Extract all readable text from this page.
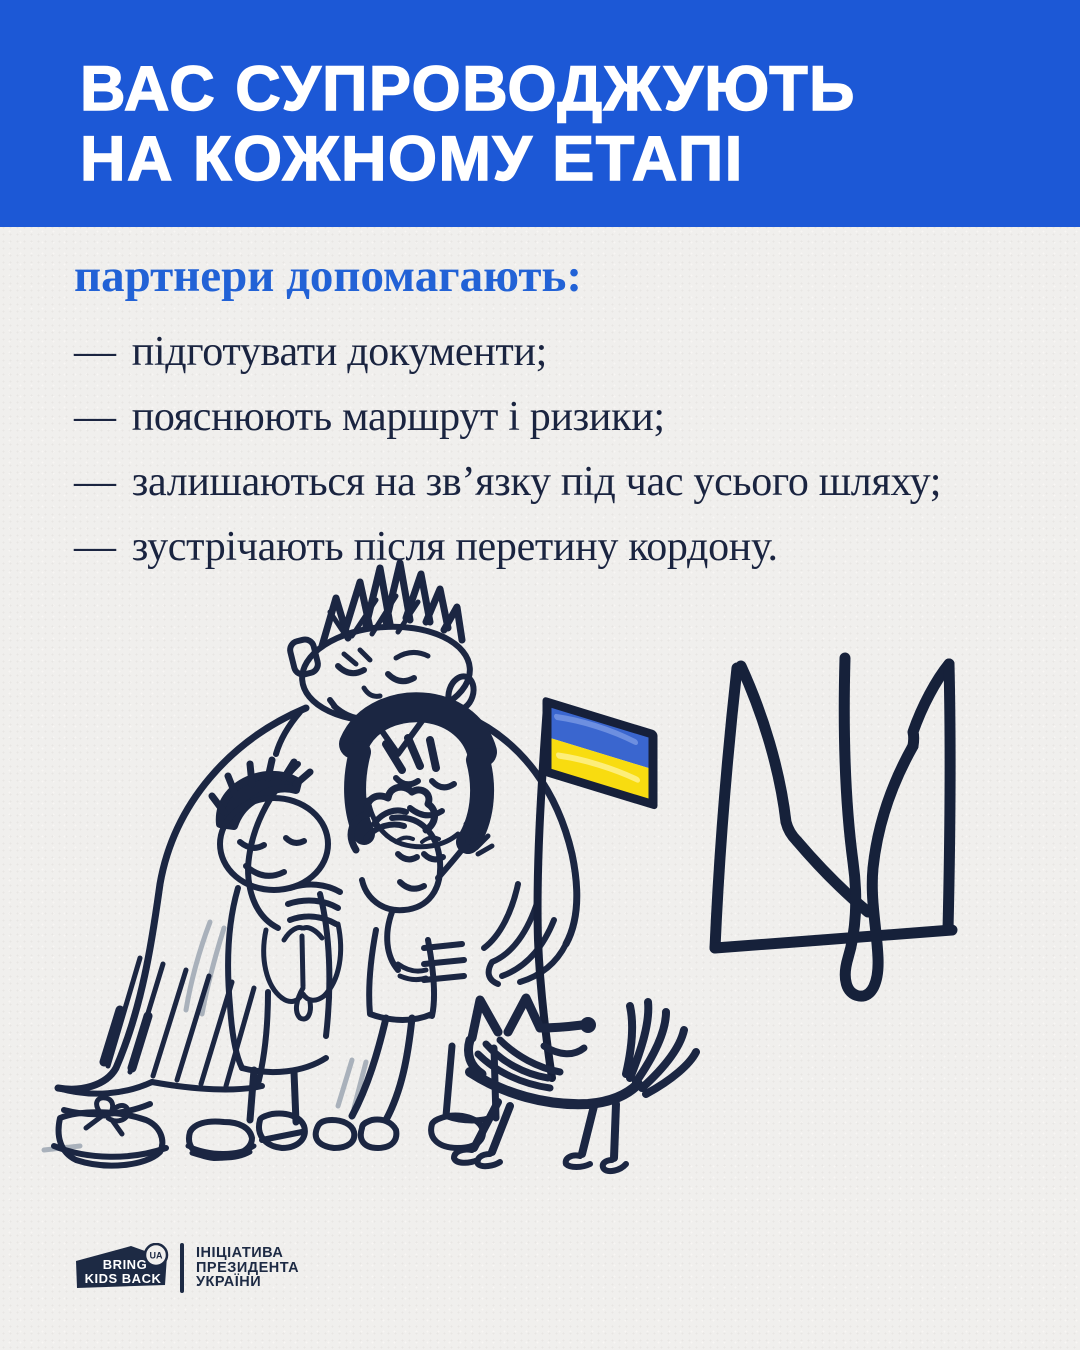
ВАС СУПРОВОДЖУЮТЬ
НА КОЖНОМУ ЕТАПІ
партнери допомагають:
— підготувати документи;
— пояснюють маршрут і ризики;
— залишаються на зв’язку під час усього шляху;
— зустрічають після перетину кордону.
BRING
KIDS BACK
UA ІНІЦІАТИВА
ПРЕЗИДЕНТА
УКРАЇНИ
